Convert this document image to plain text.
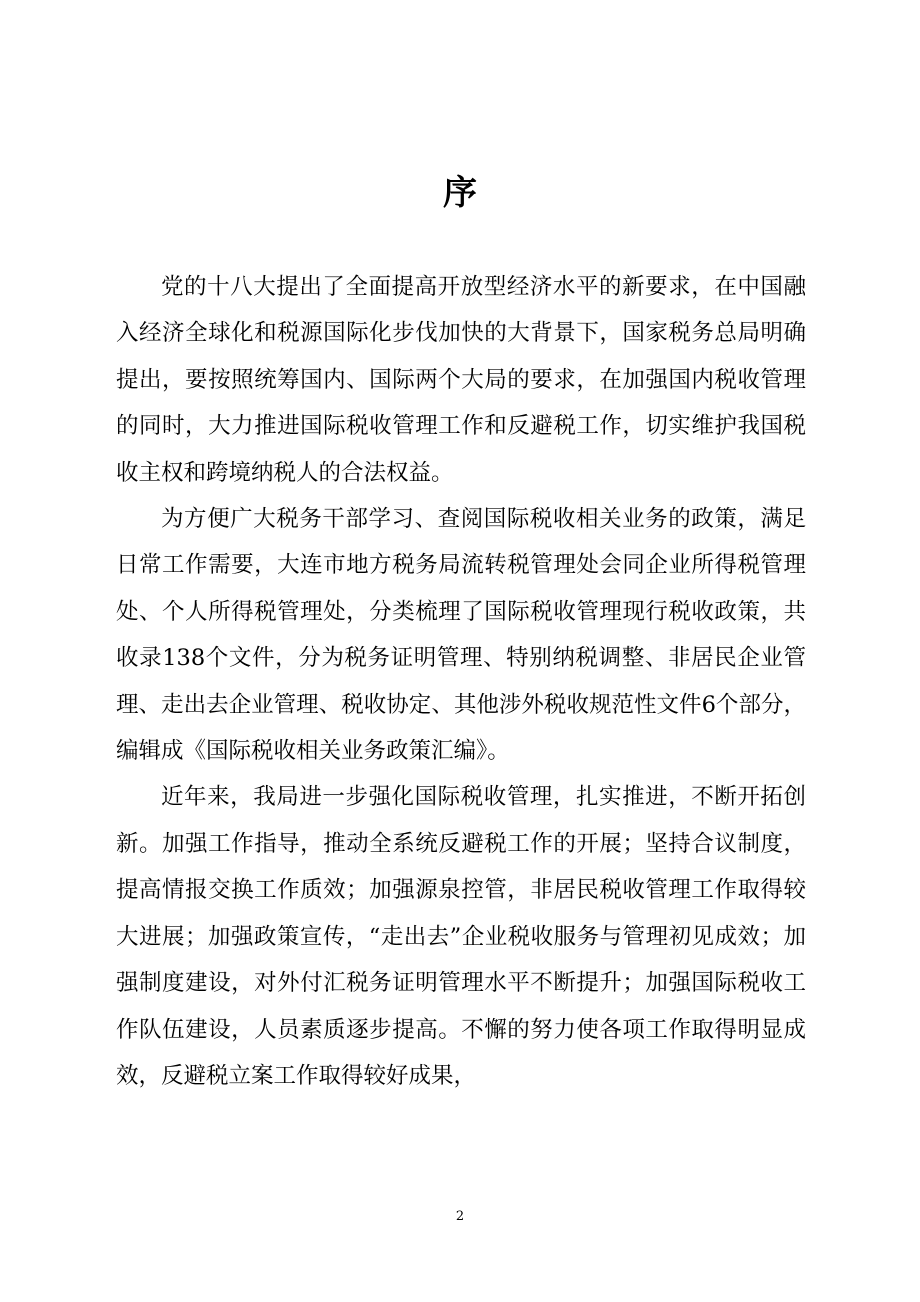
序

党的十八大提出了全面提高开放型经济水平的新要求，在中国融入经济全球化和税源国际化步伐加快的大背景下，国家税务总局明确提出，要按照统筹国内、国际两个大局的要求，在加强国内税收管理的同时，大力推进国际税收管理工作和反避税工作，切实维护我国税收主权和跨境纳税人的合法权益。

为方便广大税务干部学习、查阅国际税收相关业务的政策，满足日常工作需要，大连市地方税务局流转税管理处会同企业所得税管理处、个人所得税管理处，分类梳理了国际税收管理现行税收政策，共收录138个文件，分为税务证明管理、特别纳税调整、非居民企业管理、走出去企业管理、税收协定、其他涉外税收规范性文件6个部分，编辑成《国际税收相关业务政策汇编》。

近年来，我局进一步强化国际税收管理，扎实推进，不断开拓创新。加强工作指导，推动全系统反避税工作的开展；坚持合议制度，提高情报交换工作质效；加强源泉控管，非居民税收管理工作取得较大进展；加强政策宣传，“走出去”企业税收服务与管理初见成效；加强制度建设，对外付汇税务证明管理水平不断提升；加强国际税收工作队伍建设，人员素质逐步提高。不懈的努力使各项工作取得明显成效，反避税立案工作取得较好成果，

2
